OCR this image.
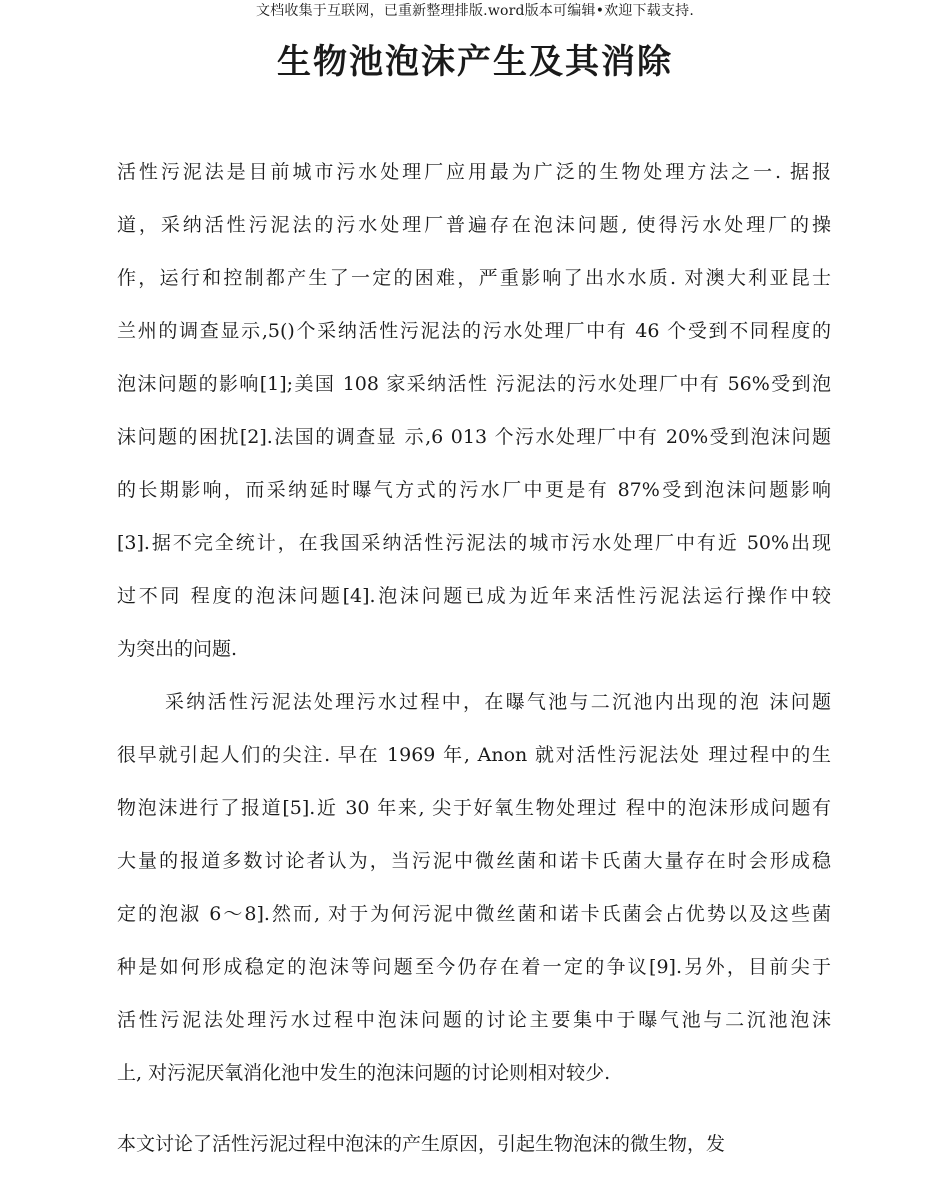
文档收集于互联网，已重新整理排版.word版本可编辑•欢迎下载支持.
生物池泡沫产生及其消除
活性污泥法是目前城市污水处理厂应用最为广泛的生物处理方法之一. 据报
道，采纳活性污泥法的污水处理厂普遍存在泡沫问题, 使得污水处理厂的操
作，运行和控制都产生了一定的困难，严重影响了出水水质. 对澳大利亚昆士
兰州的调查显示,5()个采纳活性污泥法的污水处理厂中有 46 个受到不同程度的
泡沫问题的影响[1];美国 108 家采纳活性 污泥法的污水处理厂中有 56%受到泡
沫问题的困扰[2].法国的调查显 示,6 013 个污水处理厂中有 20%受到泡沫问题
的长期影响，而采纳延时曝气方式的污水厂中更是有 87%受到泡沫问题影响
[3].据不完全统计，在我国采纳活性污泥法的城市污水处理厂中有近 50%出现
过不同 程度的泡沫问题[4].泡沫问题已成为近年来活性污泥法运行操作中较
为突出的问题.
采纳活性污泥法处理污水过程中，在曝气池与二沉池内出现的泡 沫问题
很早就引起人们的尖注. 早在 1969 年, Anon 就对活性污泥法处 理过程中的生
物泡沫进行了报道[5].近 30 年来, 尖于好氧生物处理过 程中的泡沫形成问题有
大量的报道多数讨论者认为，当污泥中微丝菌和诺卡氏菌大量存在时会形成稳
定的泡淑 6〜8].然而, 对于为何污泥中微丝菌和诺卡氏菌会占优势以及这些菌
种是如何形成稳定的泡沫等问题至今仍存在着一定的争议[9].另外，目前尖于
活性污泥法处理污水过程中泡沫问题的讨论主要集中于曝气池与二沉池泡沫
上, 对污泥厌氧消化池中发生的泡沫问题的讨论则相对较少.
本文讨论了活性污泥过程中泡沫的产生原因，引起生物泡沫的微生物，发
